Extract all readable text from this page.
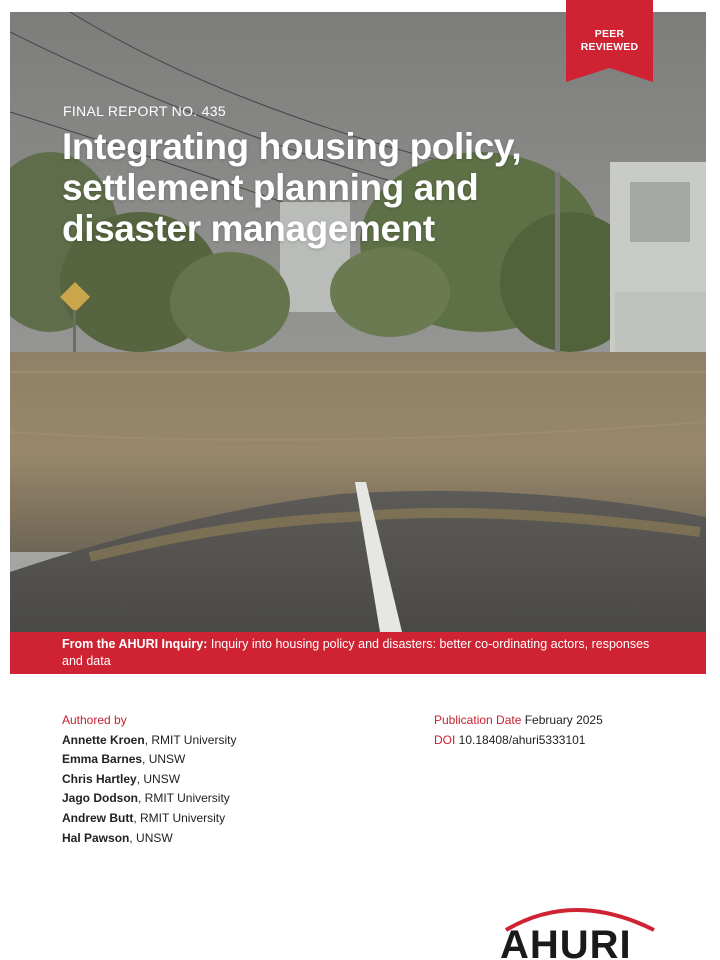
PEER
REVIEWED
FINAL REPORT NO. 435
Integrating housing policy, settlement planning and disaster management
From the AHURI Inquiry: Inquiry into housing policy and disasters: better co-ordinating actors, responses and data
Authored by
Annette Kroen, RMIT University
Emma Barnes, UNSW
Chris Hartley, UNSW
Jago Dodson, RMIT University
Andrew Butt, RMIT University
Hal Pawson, UNSW
Publication Date February 2025
DOI 10.18408/ahuri5333101
AHURI
